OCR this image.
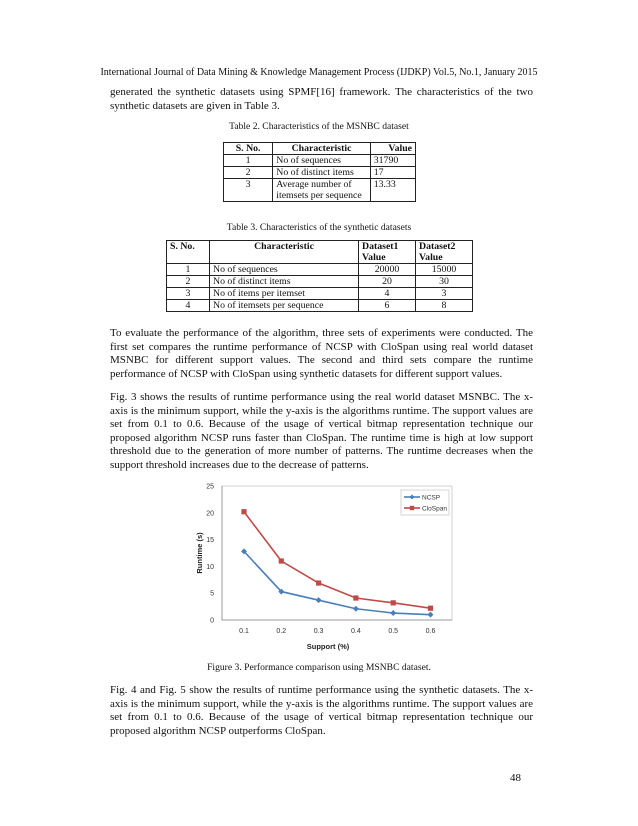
International Journal of Data Mining & Knowledge Management Process (IJDKP) Vol.5, No.1, January 2015
generated the synthetic datasets using SPMF[16] framework. The characteristics of the two synthetic datasets are given in Table 3.
Table 2. Characteristics of the MSNBC dataset
S. No.	Characteristic	Value
1	No of sequences	31790
2	No of distinct items	17
3	Average number of itemsets per sequence	13.33
Table 3. Characteristics of the synthetic datasets
S. No.	Characteristic	Dataset1 Value	Dataset2 Value
1	No of sequences	20000	15000
2	No of distinct items	20	30
3	No of items per itemset	4	3
4	No of itemsets per sequence	6	8
To evaluate the performance of the algorithm, three sets of experiments were conducted. The first set compares the runtime performance of NCSP with CloSpan using real world dataset MSNBC for different support values. The second and third sets compare the runtime performance of NCSP with CloSpan using synthetic datasets for different support values.
Fig. 3 shows the results of runtime performance using the real world dataset MSNBC. The x-axis is the minimum support, while the y-axis is the algorithms runtime. The support values are set from 0.1 to 0.6. Because of the usage of vertical bitmap representation technique our proposed algorithm NCSP runs faster than CloSpan. The runtime time is high at low support threshold due to the generation of more number of patterns. The runtime decreases when the support threshold increases due to the decrease of patterns.
0
5
10
15
20
25
0.1	0.2	0.3	0.4	0.5	0.6
NCSP
CloSpan
Runtime (s)
Support (%)
Figure 3. Performance comparison using MSNBC dataset.
Fig. 4 and Fig. 5 show the results of runtime performance using the synthetic datasets. The x-axis is the minimum support, while the y-axis is the algorithms runtime. The support values are set from 0.1 to 0.6. Because of the usage of vertical bitmap representation technique our proposed algorithm NCSP outperforms CloSpan.
48
